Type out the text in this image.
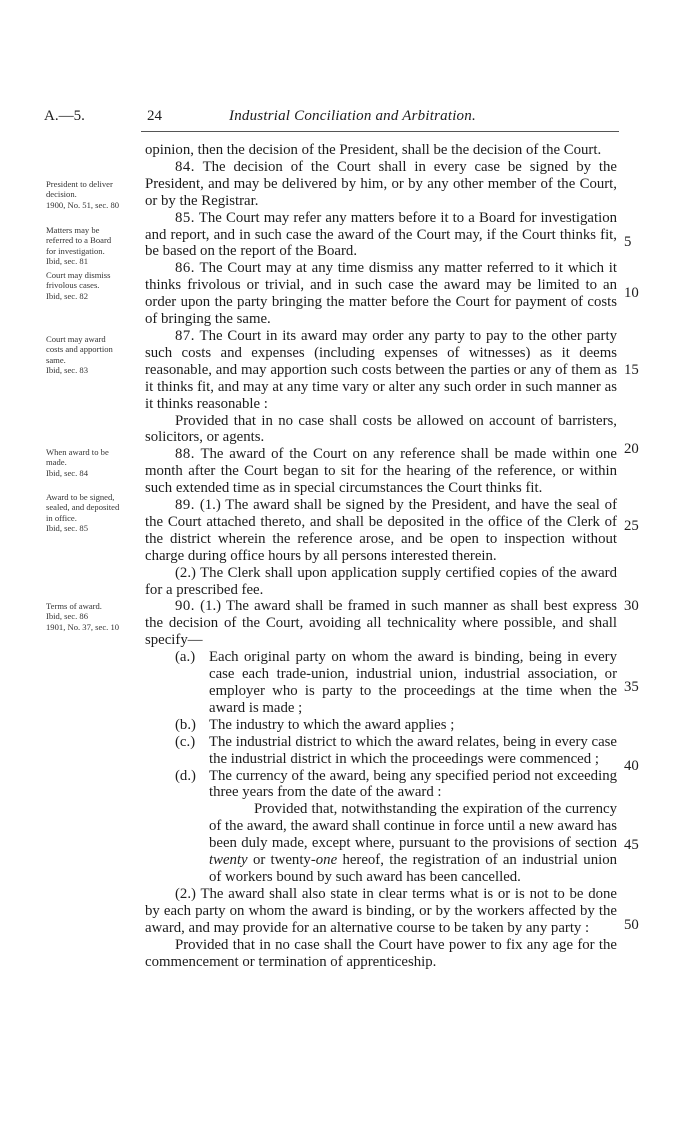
A.—5.	24	Industrial Conciliation and Arbitration.
President to deliver
decision.
1900, No. 51, sec. 80
Matters may be
referred to a Board
for investigation.
Ibid, sec. 81
Court may dismiss
frivolous cases.
Ibid, sec. 82
Court may award
costs and apportion
same.
Ibid, sec. 83
When award to be
made.
Ibid, sec. 84
Award to be signed,
sealed, and deposited
in office.
Ibid, sec. 85
Terms of award.
Ibid, sec. 86
1901, No. 37, sec. 10
opinion, then the decision of the President, shall be the decision of the Court.
84. The decision of the Court shall in every case be signed by the President, and may be delivered by him, or by any other member of the Court, or by the Registrar.
85. The Court may refer any matters before it to a Board for investigation and report, and in such case the award of the Court may, if the Court thinks fit, be based on the report of the Board.
86. The Court may at any time dismiss any matter referred to it which it thinks frivolous or trivial, and in such case the award may be limited to an order upon the party bringing the matter before the Court for payment of costs of bringing the same.
87. The Court in its award may order any party to pay to the other party such costs and expenses (including expenses of witnesses) as it deems reasonable, and may apportion such costs between the parties or any of them as it thinks fit, and may at any time vary or alter any such order in such manner as it thinks reasonable :
Provided that in no case shall costs be allowed on account of barristers, solicitors, or agents.
88. The award of the Court on any reference shall be made within one month after the Court began to sit for the hearing of the reference, or within such extended time as in special circumstances the Court thinks fit.
89. (1.) The award shall be signed by the President, and have the seal of the Court attached thereto, and shall be deposited in the office of the Clerk of the district wherein the reference arose, and be open to inspection without charge during office hours by all persons interested therein.
(2.) The Clerk shall upon application supply certified copies of the award for a prescribed fee.
90. (1.) The award shall be framed in such manner as shall best express the decision of the Court, avoiding all technicality where possible, and shall specify—
(a.) Each original party on whom the award is binding, being in every case each trade-union, industrial union, industrial association, or employer who is party to the proceedings at the time when the award is made ;
(b.) The industry to which the award applies ;
(c.) The industrial district to which the award relates, being in every case the industrial district in which the proceedings were commenced ;
(d.) The currency of the award, being any specified period not exceeding three years from the date of the award :
Provided that, notwithstanding the expiration of the currency of the award, the award shall continue in force until a new award has been duly made, except where, pursuant to the provisions of section twenty or twenty-one hereof, the registration of an industrial union of workers bound by such award has been cancelled.
(2.) The award shall also state in clear terms what is or is not to be done by each party on whom the award is binding, or by the workers affected by the award, and may provide for an alternative course to be taken by any party :
Provided that in no case shall the Court have power to fix any age for the commencement or termination of apprenticeship.
5
10
15
20
25
30
35
40
45
50
